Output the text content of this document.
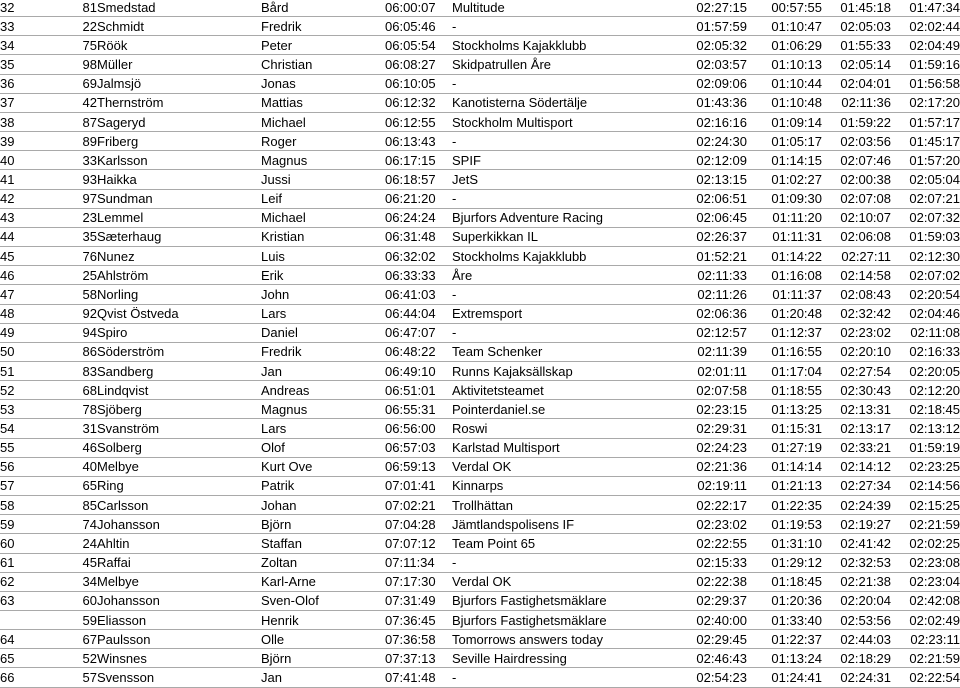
32	81	Smedstad	Bård	06:00:07	Multitude	02:27:15	00:57:55	01:45:18	01:47:34
33	22	Schmidt	Fredrik	06:05:46	-	01:57:59	01:10:47	02:05:03	02:02:44
34	75	Röök	Peter	06:05:54	Stockholms Kajakklubb	02:05:32	01:06:29	01:55:33	02:04:49
35	98	Müller	Christian	06:08:27	Skidpatrullen Åre	02:03:57	01:10:13	02:05:14	01:59:16
36	69	Jalmsjö	Jonas	06:10:05	-	02:09:06	01:10:44	02:04:01	01:56:58
37	42	Thernström	Mattias	06:12:32	Kanotisterna Södertälje	01:43:36	01:10:48	02:11:36	02:17:20
38	87	Sageryd	Michael	06:12:55	Stockholm Multisport	02:16:16	01:09:14	01:59:22	01:57:17
39	89	Friberg	Roger	06:13:43	-	02:24:30	01:05:17	02:03:56	01:45:17
40	33	Karlsson	Magnus	06:17:15	SPIF	02:12:09	01:14:15	02:07:46	01:57:20
41	93	Haikka	Jussi	06:18:57	JetS	02:13:15	01:02:27	02:00:38	02:05:04
42	97	Sundman	Leif	06:21:20	-	02:06:51	01:09:30	02:07:08	02:07:21
43	23	Lemmel	Michael	06:24:24	Bjurfors Adventure Racing	02:06:45	01:11:20	02:10:07	02:07:32
44	35	Sæterhaug	Kristian	06:31:48	Superkikkan IL	02:26:37	01:11:31	02:06:08	01:59:03
45	76	Nunez	Luis	06:32:02	Stockholms Kajakklubb	01:52:21	01:14:22	02:27:11	02:12:30
46	25	Ahlström	Erik	06:33:33	Åre	02:11:33	01:16:08	02:14:58	02:07:02
47	58	Norling	John	06:41:03	-	02:11:26	01:11:37	02:08:43	02:20:54
48	92	Qvist Östveda	Lars	06:44:04	Extremsport	02:06:36	01:20:48	02:32:42	02:04:46
49	94	Spiro	Daniel	06:47:07	-	02:12:57	01:12:37	02:23:02	02:11:08
50	86	Söderström	Fredrik	06:48:22	Team Schenker	02:11:39	01:16:55	02:20:10	02:16:33
51	83	Sandberg	Jan	06:49:10	Runns Kajaksällskap	02:01:11	01:17:04	02:27:54	02:20:05
52	68	Lindqvist	Andreas	06:51:01	Aktivitetsteamet	02:07:58	01:18:55	02:30:43	02:12:20
53	78	Sjöberg	Magnus	06:55:31	Pointerdaniel.se	02:23:15	01:13:25	02:13:31	02:18:45
54	31	Svanström	Lars	06:56:00	Roswi	02:29:31	01:15:31	02:13:17	02:13:12
55	46	Solberg	Olof	06:57:03	Karlstad Multisport	02:24:23	01:27:19	02:33:21	01:59:19
56	40	Melbye	Kurt Ove	06:59:13	Verdal OK	02:21:36	01:14:14	02:14:12	02:23:25
57	65	Ring	Patrik	07:01:41	Kinnarps	02:19:11	01:21:13	02:27:34	02:14:56
58	85	Carlsson	Johan	07:02:21	Trollhättan	02:22:17	01:22:35	02:24:39	02:15:25
59	74	Johansson	Björn	07:04:28	Jämtlandspolisens IF	02:23:02	01:19:53	02:19:27	02:21:59
60	24	Ahltin	Staffan	07:07:12	Team Point 65	02:22:55	01:31:10	02:41:42	02:02:25
61	45	Raffai	Zoltan	07:11:34	-	02:15:33	01:29:12	02:32:53	02:23:08
62	34	Melbye	Karl-Arne	07:17:30	Verdal OK	02:22:38	01:18:45	02:21:38	02:23:04
63	60	Johansson	Sven-Olof	07:31:49	Bjurfors Fastighetsmäklare	02:29:37	01:20:36	02:20:04	02:42:08
	59	Eliasson	Henrik	07:36:45	Bjurfors Fastighetsmäklare	02:40:00	01:33:40	02:53:56	02:02:49
64	67	Paulsson	Olle	07:36:58	Tomorrows answers today	02:29:45	01:22:37	02:44:03	02:23:11
65	52	Winsnes	Björn	07:37:13	Seville Hairdressing	02:46:43	01:13:24	02:18:29	02:21:59
66	57	Svensson	Jan	07:41:48	-	02:54:23	01:24:41	02:24:31	02:22:54
